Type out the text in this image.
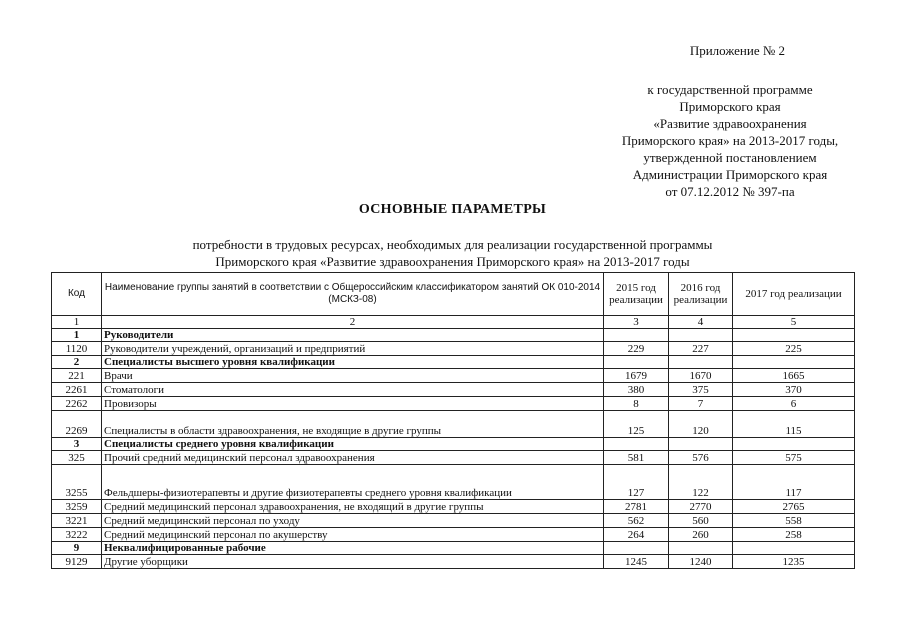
Приложение № 2
к государственной программе
Приморского края
«Развитие здравоохранения
Приморского края» на 2013-2017 годы,
утвержденной постановлением
Администрации Приморского края
от 07.12.2012 № 397-па
ОСНОВНЫЕ ПАРАМЕТРЫ
потребности в трудовых ресурсах, необходимых для реализации государственной программы
Приморского края «Развитие здравоохранения Приморского края» на 2013-2017 годы
Код	Наименование группы занятий в соответствии с Общероссийским классификатором занятий ОК 010-2014 (МСКЗ-08)	2015 год реализации	2016 год реализации	2017 год реализации
1	2	3	4	5
1	Руководители			
1120	Руководители учреждений, организаций и предприятий	229	227	225
2	Специалисты высшего уровня квалификации			
221	Врачи	1679	1670	1665
2261	Стоматологи	380	375	370
2262	Провизоры	8	7	6
2269	Специалисты в области здравоохранения, не входящие в другие группы	125	120	115
3	Специалисты среднего уровня квалификации			
325	Прочий средний медицинский персонал здравоохранения	581	576	575
3255	Фельдшеры-физиотерапевты и другие физиотерапевты среднего уровня квалификации	127	122	117
3259	Средний медицинский персонал здравоохранения, не входящий в другие группы	2781	2770	2765
3221	Средний медицинский персонал по уходу	562	560	558
3222	Средний медицинский персонал по акушерству	264	260	258
9	Неквалифицированные рабочие			
9129	Другие уборщики	1245	1240	1235
